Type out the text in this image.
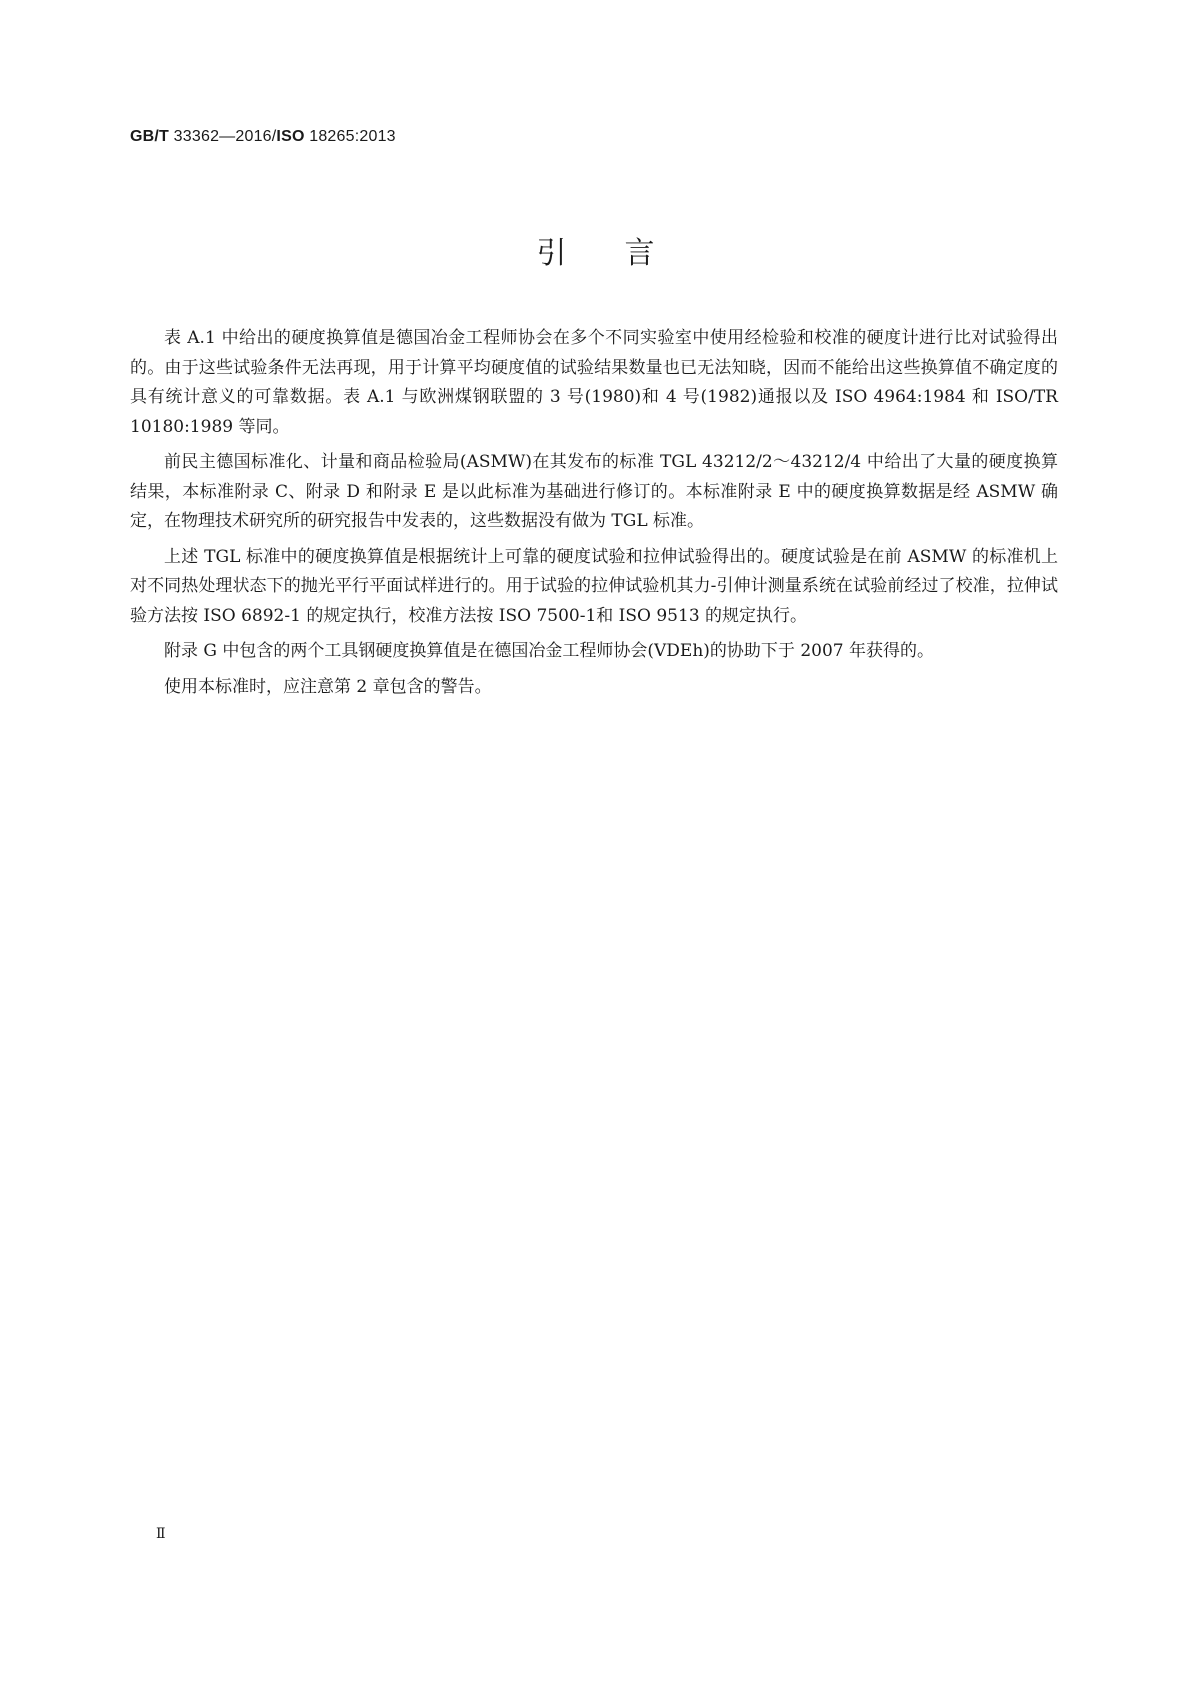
GB/T 33362—2016/ISO 18265:2013
引言

表 A.1 中给出的硬度换算值是德国冶金工程师协会在多个不同实验室中使用经检验和校准的硬度计进行比对试验得出的。由于这些试验条件无法再现，用于计算平均硬度值的试验结果数量也已无法知晓，因而不能给出这些换算值不确定度的具有统计意义的可靠数据。表 A.1 与欧洲煤钢联盟的 3 号(1980)和 4 号(1982)通报以及 ISO 4964:1984 和 ISO/TR 10180:1989 等同。

前民主德国标准化、计量和商品检验局(ASMW)在其发布的标准 TGL 43212/2～43212/4 中给出了大量的硬度换算结果，本标准附录 C、附录 D 和附录 E 是以此标准为基础进行修订的。本标准附录 E 中的硬度换算数据是经 ASMW 确定，在物理技术研究所的研究报告中发表的，这些数据没有做为 TGL 标准。

上述 TGL 标准中的硬度换算值是根据统计上可靠的硬度试验和拉伸试验得出的。硬度试验是在前 ASMW 的标准机上对不同热处理状态下的抛光平行平面试样进行的。用于试验的拉伸试验机其力-引伸计测量系统在试验前经过了校准，拉伸试验方法按 ISO 6892-1 的规定执行，校准方法按 ISO 7500-1和 ISO 9513 的规定执行。

附录 G 中包含的两个工具钢硬度换算值是在德国冶金工程师协会(VDEh)的协助下于 2007 年获得的。

使用本标准时，应注意第 2 章包含的警告。

Ⅱ
